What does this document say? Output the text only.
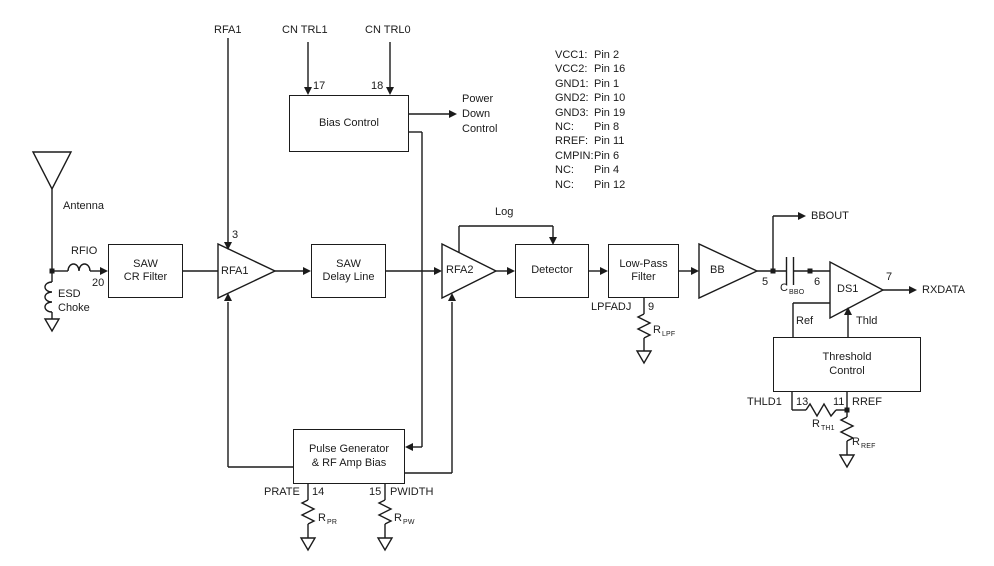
Bias Control
SAW
CR Filter
SAW
Delay Line
Detector
Low-Pass
Filter
Pulse Generator
& RF Amp Bias
Threshold
Control
RFA1	RFA2	BB
DS1
RFA1	CN TRL1	CN TRL0
17	18
3
Power
Down
Control
VCC1: Pin 2
VCC2: Pin 16
GND1: Pin 1
GND2: Pin 10
GND3: Pin 19
NC: Pin 8
RREF: Pin 11
CMPIN:Pin 6
NC: Pin 4
NC: Pin 12
Antenna
RFIO
20
ESD
Choke
Log
LPFADJ 9
$R_{LPF}$
BBOUT
5	6
$C_{BBO}$
7
RXDATA
Ref	Thld
THLD1 13 11 RREF
$R_{TH1}$
$R_{REF}$
PRATE 14	15 PWIDTH
$R_{PR}$	$R_{PW}$
